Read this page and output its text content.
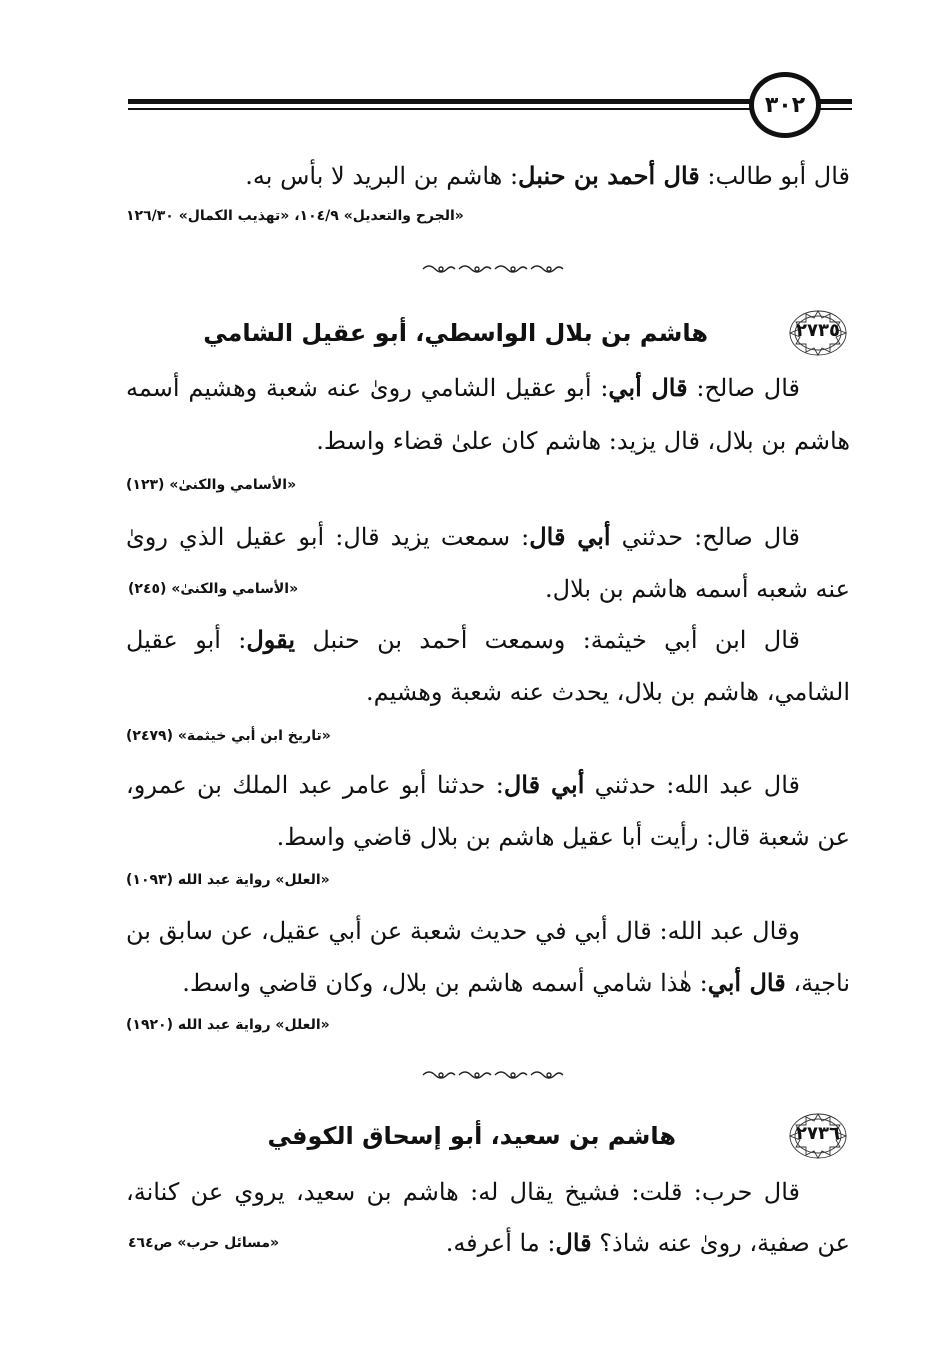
٣٠٢
قال أبو طالب: قال أحمد بن حنبل: هاشم بن البريد لا بأس به.
«الجرح والتعديل» ١٠٤/٩، «تهذيب الكمال» ١٢٦/٣٠
٢٧٣٥
هاشم بن بلال الواسطي، أبو عقيل الشامي
قال صالح: قال أبي: أبو عقيل الشامي روىٰ عنه شعبة وهشيم أسمه
هاشم بن بلال، قال يزيد: هاشم كان علىٰ قضاء واسط.
«الأسامي والكنىٰ» (١٢٣)
قال صالح: حدثني أبي قال: سمعت يزيد قال: أبو عقيل الذي روىٰ
عنه شعبه أسمه هاشم بن بلال.
«الأسامي والكنىٰ» (٢٤٥)
قال ابن أبي خيثمة: وسمعت أحمد بن حنبل يقول: أبو عقيل
الشامي، هاشم بن بلال، يحدث عنه شعبة وهشيم.
«تاريخ ابن أبي خيثمة» (٢٤٧٩)
قال عبد الله: حدثني أبي قال: حدثنا أبو عامر عبد الملك بن عمرو،
عن شعبة قال: رأيت أبا عقيل هاشم بن بلال قاضي واسط.
«العلل» رواية عبد الله (١٠٩٣)
وقال عبد الله: قال أبي في حديث شعبة عن أبي عقيل، عن سابق بن
ناجية، قال أبي: هٰذا شامي أسمه هاشم بن بلال، وكان قاضي واسط.
«العلل» رواية عبد الله (١٩٢٠)
٢٧٣٦
هاشم بن سعيد، أبو إسحاق الكوفي
قال حرب: قلت: فشيخ يقال له: هاشم بن سعيد، يروي عن كنانة،
عن صفية، روىٰ عنه شاذ؟ قال: ما أعرفه.
«مسائل حرب» ص٤٦٤
